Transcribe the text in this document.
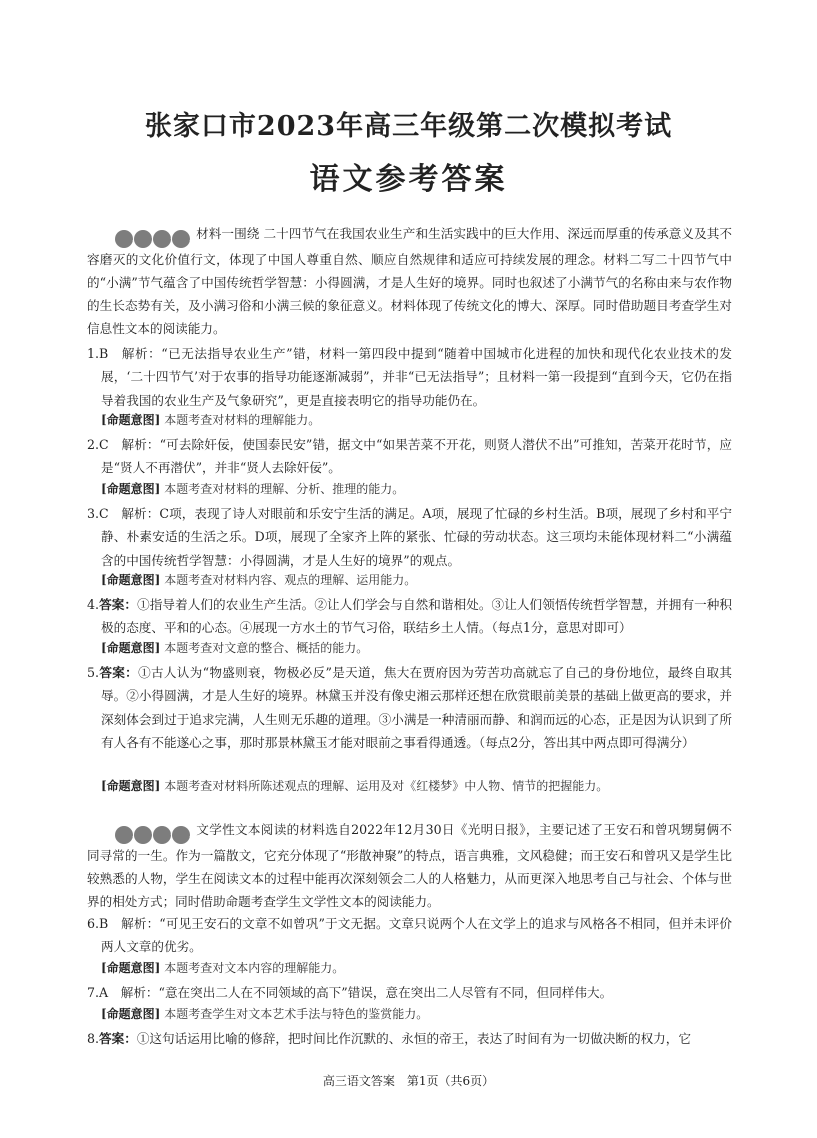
张家口市2023年高三年级第二次模拟考试
语文参考答案
析
材料一围绕 二十四节气在我国农业生产和生活实践中的巨大作用、深远而厚重的传承意义及其不容磨灭的文化价值行文，体现了中国人尊重自然、顺应自然规律和适应可持续发展的理念。材料二写二十四节气中的“小满”节气蕴含了中国传统哲学智慧：小得圆满，才是人生好的境界。同时也叙述了小满节气的名称由来与农作物的生长态势有关，及小满习俗和小满三候的象征意义。材料体现了传统文化的博大、深厚。同时借助题目考查学生对信息性文本的阅读能力。
1.B　解析：“已无法指导农业生产”错，材料一第四段中提到“随着中国城市化进程的加快和现代化农业技术的发展，‘二十四节气’对于农事的指导功能逐渐减弱”，并非“已无法指导”；且材料一第一段提到“直到今天，它仍在指导着我国的农业生产及气象研究”，更是直接表明它的指导功能仍在。
[命题意图] 本题考查对材料的理解能力。
2.C　解析：“可去除奸佞，使国泰民安”错，据文中“如果苦菜不开花，则贤人潜伏不出”可推知，苦菜开花时节，应是“贤人不再潜伏”，并非“贤人去除奸佞”。
[命题意图] 本题考查对材料的理解、分析、推理的能力。
3.C　解析：C项，表现了诗人对眼前和乐安宁生活的满足。A项，展现了忙碌的乡村生活。B项，展现了乡村和平宁静、朴素安适的生活之乐。D项，展现了全家齐上阵的紧张、忙碌的劳动状态。这三项均未能体现材料二“小满蕴含的中国传统哲学智慧：小得圆满，才是人生好的境界”的观点。
[命题意图] 本题考查对材料内容、观点的理解、运用能力。
4.答案：①指导着人们的农业生产生活。②让人们学会与自然和谐相处。③让人们领悟传统哲学智慧，并拥有一种积极的态度、平和的心态。④展现一方水土的节气习俗，联结乡土人情。（每点1分，意思对即可）
[命题意图] 本题考查对文意的整合、概括的能力。
5.答案：①古人认为“物盛则衰，物极必反”是天道，焦大在贾府因为劳苦功高就忘了自己的身份地位，最终自取其辱。②小得圆满，才是人生好的境界。林黛玉并没有像史湘云那样还想在欣赏眼前美景的基础上做更高的要求，并深刻体会到过于追求完满，人生则无乐趣的道理。③小满是一种清丽而静、和润而远的心态，正是因为认识到了所有人各有不能遂心之事，那时那景林黛玉才能对眼前之事看得通透。（每点2分，答出其中两点即可得满分）
[命题意图] 本题考查对材料所陈述观点的理解、运用及对《红楼梦》中人物、情节的把握能力。
析
文学性文本阅读的材料选自2022年12月30日《光明日报》，主要记述了王安石和曾巩甥舅俩不同寻常的一生。作为一篇散文，它充分体现了“形散神聚”的特点，语言典雅，文风稳健；而王安石和曾巩又是学生比较熟悉的人物，学生在阅读文本的过程中能再次深刻领会二人的人格魅力，从而更深入地思考自己与社会、个体与世界的相处方式；同时借助命题考查学生文学性文本的阅读能力。
6.B　解析：“可见王安石的文章不如曾巩”于文无据。文章只说两个人在文学上的追求与风格各不相同，但并未评价两人文章的优劣。
[命题意图] 本题考查对文本内容的理解能力。
7.A　解析：“意在突出二人在不同领域的高下”错误，意在突出二人尽管有不同，但同样伟大。
[命题意图] 本题考查学生对文本艺术手法与特色的鉴赏能力。
8.答案：①这句话运用比喻的修辞，把时间比作沉默的、永恒的帝王，表达了时间有为一切做决断的权力，它
高三语文答案　第1页（共6页）
